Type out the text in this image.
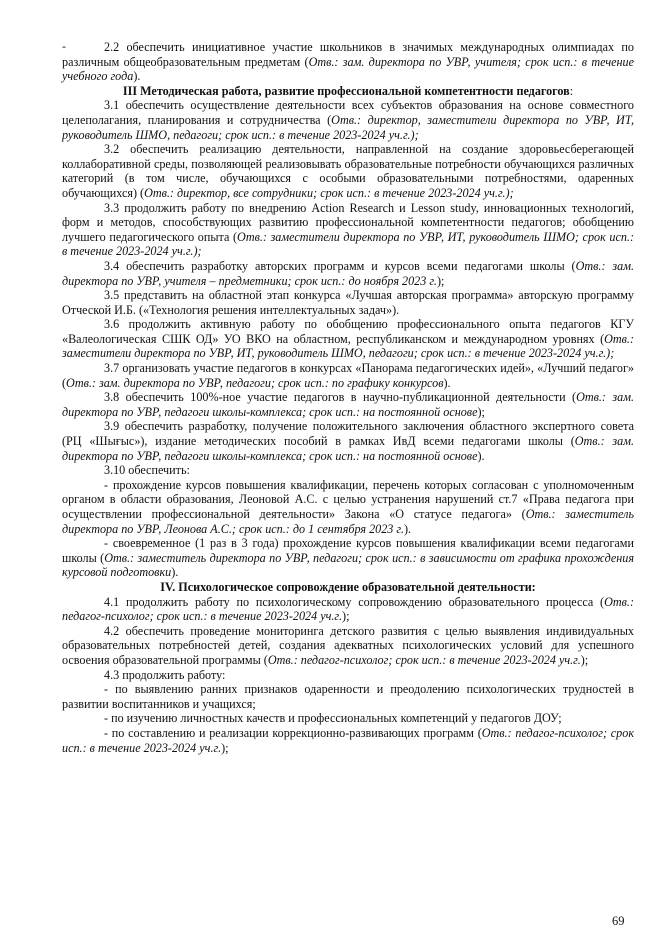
-	2.2 обеспечить инициативное участие школьников в значимых международных олимпиадах по различным общеобразовательным предметам (Отв.: зам. директора по УВР, учителя; срок исп.: в течение учебного года).

III Методическая работа, развитие профессиональной компетентности педагогов:

3.1 обеспечить осуществление деятельности всех субъектов образования на основе совместного целеполагания, планирования и сотрудничества (Отв.: директор, заместители директора по УВР, ИТ, руководитель ШМО, педагоги; срок исп.: в течение 2023-2024 уч.г.);

3.2 обеспечить реализацию деятельности, направленной на создание здоровьесберегающей коллаборативной среды, позволяющей реализовывать образовательные потребности обучающихся различных категорий (в том числе, обучающихся с особыми образовательными потребностями, одаренных обучающихся) (Отв.: директор, все сотрудники; срок исп.: в течение 2023-2024 уч.г.);

3.3 продолжить работу по внедрению Action Research и Lesson study, инновационных технологий, форм и методов, способствующих развитию профессиональной компетентности педагогов; обобщению лучшего педагогического опыта (Отв.: заместители директора по УВР, ИТ, руководитель ШМО; срок исп.: в течение 2023-2024 уч.г.);

3.4 обеспечить разработку авторских программ и курсов всеми педагогами школы (Отв.: зам. директора по УВР, учителя – предметники; срок исп.: до ноября 2023 г.);

3.5 представить на областной этап конкурса «Лучшая авторская программа» авторскую программу Отческой И.Б. («Технология решения интеллектуальных задач»).

3.6 продолжить активную работу по обобщению профессионального опыта педагогов КГУ «Валеологическая СШК ОД» УО ВКО на областном, республиканском и международном уровнях (Отв.: заместители директора по УВР, ИТ, руководитель ШМО, педагоги; срок исп.: в течение 2023-2024 уч.г.);

3.7 организовать участие педагогов в конкурсах «Панорама педагогических идей», «Лучший педагог» (Отв.: зам. директора по УВР, педагоги; срок исп.: по графику конкурсов).

3.8 обеспечить 100%-ное участие педагогов в научно-публикационной деятельности (Отв.: зам. директора по УВР, педагоги школы-комплекса; срок исп.: на постоянной основе);

3.9 обеспечить разработку, получение положительного заключения областного экспертного совета (РЦ «Шығыс»), издание методических пособий в рамках ИвД всеми педагогами школы (Отв.: зам. директора по УВР, педагоги школы-комплекса; срок исп.: на постоянной основе).

3.10 обеспечить:

- прохождение курсов повышения квалификации, перечень которых согласован с уполномоченным органом в области образования, Леоновой А.С. с целью устранения нарушений ст.7 «Права педагога при осуществлении профессиональной деятельности» Закона «О статусе педагога» (Отв.: заместитель директора по УВР, Леонова А.С.; срок исп.: до 1 сентября 2023 г.).

- своевременное (1 раз в 3 года) прохождение курсов повышения квалификации всеми педагогами школы (Отв.: заместитель директора по УВР, педагоги; срок исп.: в зависимости от графика прохождения курсовой подготовки).

IV. Психологическое сопровождение образовательной деятельности:

4.1 продолжить работу по психологическому сопровождению образовательного процесса (Отв.: педагог-психолог; срок исп.: в течение 2023-2024 уч.г.);

4.2 обеспечить проведение мониторинга детского развития с целью выявления индивидуальных образовательных потребностей детей, создания адекватных психологических условий для успешного освоения образовательной программы (Отв.: педагог-психолог; срок исп.: в течение 2023-2024 уч.г.);

4.3 продолжить работу:

- по выявлению ранних признаков одаренности и преодолению психологических трудностей в развитии воспитанников и учащихся;

- по изучению личностных качеств и профессиональных компетенций у педагогов ДОУ;

- по составлению и реализации коррекционно-развивающих программ (Отв.: педагог-психолог; срок исп.: в течение 2023-2024 уч.г.);

69
